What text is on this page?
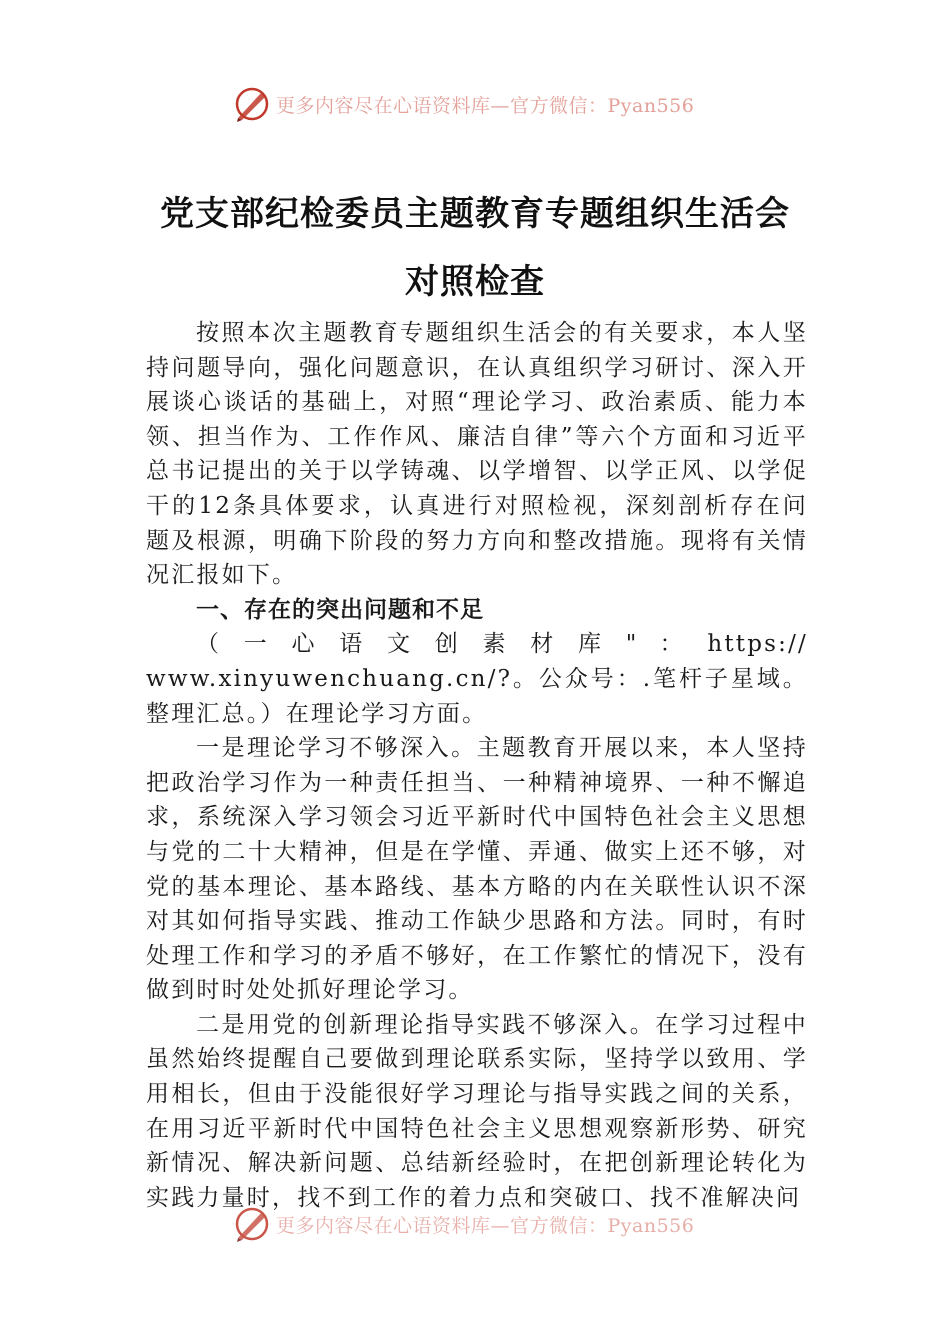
更多内容尽在心语资料库—官方微信：Pyan556
党支部纪检委员主题教育专题组织生活会
对照检查

按照本次主题教育专题组织生活会的有关要求，本人坚持问题导向，强化问题意识，在认真组织学习研讨、深入开展谈心谈话的基础上，对照“理论学习、政治素质、能力本领、担当作为、工作作风、廉洁自律”等六个方面和习近平总书记提出的关于以学铸魂、以学增智、以学正风、以学促干的12条具体要求，认真进行对照检视，深刻剖析存在问题及根源，明确下阶段的努力方向和整改措施。现将有关情况汇报如下。

一、存在的突出问题和不足

（ 一 心 语 文 创 素 材 库 " ： https://

www.xinyuwenchuang.cn/?。公众号：.笔杆子星域。整理汇总。）在理论学习方面。

一是理论学习不够深入。主题教育开展以来，本人坚持把政治学习作为一种责任担当、一种精神境界、一种不懈追求，系统深入学习领会习近平新时代中国特色社会主义思想与党的二十大精神，但是在学懂、弄通、做实上还不够，对党的基本理论、基本路线、基本方略的内在关联性认识不深对其如何指导实践、推动工作缺少思路和方法。同时，有时处理工作和学习的矛盾不够好，在工作繁忙的情况下，没有做到时时处处抓好理论学习。

二是用党的创新理论指导实践不够深入。在学习过程中虽然始终提醒自己要做到理论联系实际，坚持学以致用、学用相长，但由于没能很好学习理论与指导实践之间的关系，在用习近平新时代中国特色社会主义思想观察新形势、研究新情况、解决新问题、总结新经验时，在把创新理论转化为实践力量时，找不到工作的着力点和突破口、找不准解决问

更多内容尽在心语资料库—官方微信：Pyan556
